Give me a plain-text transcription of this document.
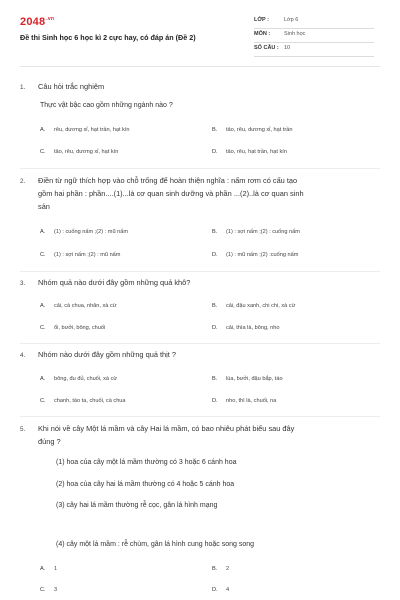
$2048^{.vn}$
Đề thi Sinh học 6 học kì 2 cực hay, có đáp án (Đề 2)
LỚP :	Lớp 6
MÔN :	Sinh học
SỐ CÂU : 10
1. Câu hỏi trắc nghiệm
Thực vật bậc cao gồm những ngành nào ?
A. rêu, dương xỉ, hạt trần, hạt kín	B. tảo, rêu, dương xỉ, hạt trần
C. tảo, rêu, dương xỉ, hạt kín	D. tảo, rêu, hạt trần, hạt kín
2. Điền từ ngữ thích hợp vào chỗ trống để hoàn thiện nghĩa : nấm rơm có cấu tạo
gồm hai phần : phần....(1)...là cơ quan sinh dưỡng và phần ...(2)..là cơ quan sinh
sản
A. (1) : cuống nấm ;(2) : mũ nấm	B. (1) : sợi nấm ;(2) : cuống nấm
C. (1) : sợi nấm ;(2) : mũ nấm	D. (1) : mũ nấm ;(2) :cuống nấm
3. Nhóm quả nào dưới đây gồm những quả khô?
A. cải, cà chua, nhãn, xà cừ	B. cải, đậu xanh, chi chi, xà cừ
C. ổi, bưởi, bông, chuối	D. cải, thìa là, bông, nho
4. Nhóm nào dưới đây gồm những quả thịt ?
A. bông, đu đủ, chuối, xà cừ	B. lúa, bưởi, đậu bắp, táo
C. chanh, táo ta, chuối, cà chua	D. nho, thì là, chuối, na
5. Khi nói về cây Một lá mầm và cây Hai lá mầm, có bao nhiêu phát biểu sau đây
đúng ?
(1) hoa của cây một lá mầm thường có 3 hoặc 6 cánh hoa
(2) hoa của cây hai lá mầm thường có 4 hoặc 5 cánh hoa
(3) cây hai lá mầm thường rễ cọc, gân lá hình mạng
(4) cây một lá mầm : rễ chùm, gân lá hình cung hoặc song song
A. 1	B. 2
C. 3	D. 4
